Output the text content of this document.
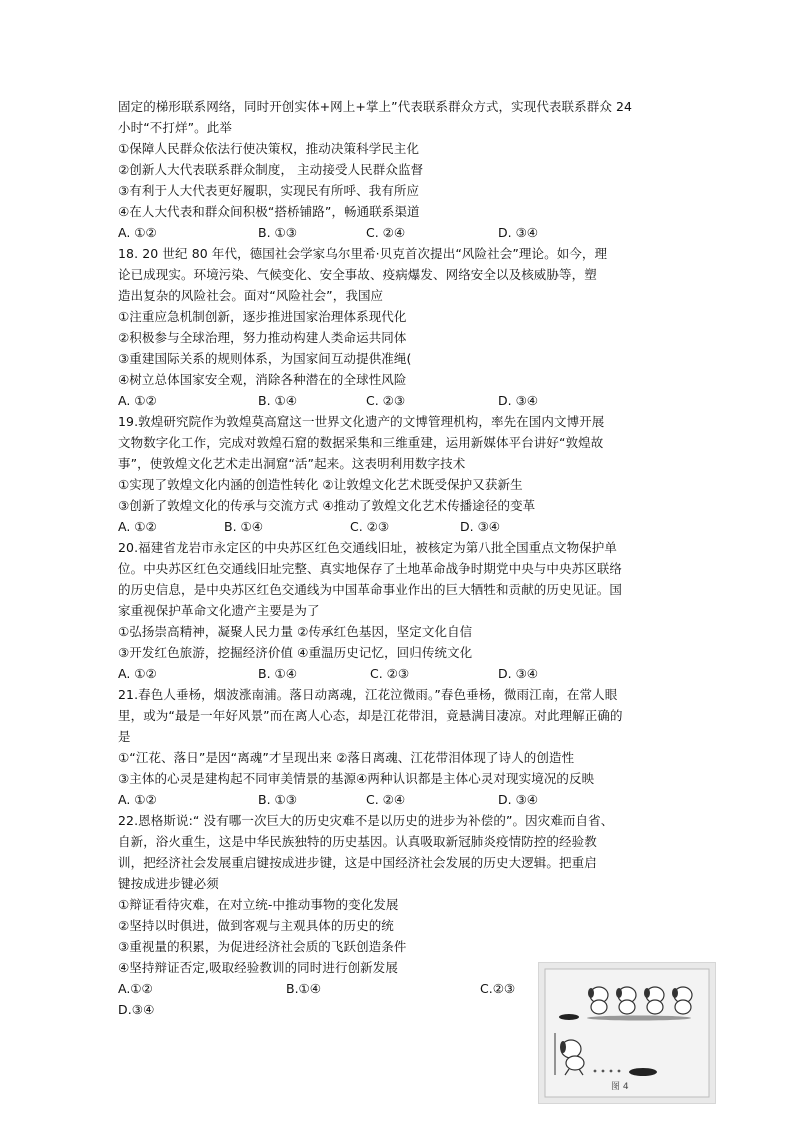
固定的梯形联系网络，同时开创实体+网上+掌上”代表联系群众方式，实现代表联系群众 24
小时“不打烊”。此举
①保障人民群众依法行使决策权，推动决策科学民主化
②创新人大代表联系群众制度， 主动接受人民群众监督
③有利于人大代表更好履职，实现民有所呼、我有所应
④在人大代表和群众间积极“搭桥铺路”，畅通联系渠道
A. ①②	B. ①③	C. ②④	D. ③④
18. 20 世纪 80 年代，德国社会学家乌尔里希·贝克首次提出“风险社会”理论。如今，理
论已成现实。环境污染、气候变化、安全事故、疫病爆发、网络安全以及核威胁等，塑
造出复杂的风险社会。面对“风险社会”，我国应
①注重应急机制创新，逐步推进国家治理体系现代化
②积极参与全球治理，努力推动构建人类命运共同体
③重建国际关系的规则体系，为国家间互动提供准绳(
④树立总体国家安全观，消除各种潜在的全球性风险
A. ①②	B. ①④	C. ②③	D. ③④
19.敦煌研究院作为敦煌莫高窟这一世界文化遗产的文博管理机构，率先在国内文博开展
文物数字化工作，完成对敦煌石窟的数据采集和三维重建，运用新媒体平台讲好“敦煌故
事”，使敦煌文化艺术走出洞窟“活”起来。这表明利用数字技术
①实现了敦煌文化内涵的创造性转化 ②让敦煌文化艺术既受保护又获新生
③创新了敦煌文化的传承与交流方式 ④推动了敦煌文化艺术传播途径的变革
A. ①②	B. ①④	C. ②③	D. ③④
20.福建省龙岩市永定区的中央苏区红色交通线旧址，被核定为第八批全国重点文物保护单
位。中央苏区红色交通线旧址完整、真实地保存了土地革命战争时期党中央与中央苏区联络
的历史信息，是中央苏区红色交通线为中国革命事业作出的巨大牺牲和贡献的历史见证。国
家重视保护革命文化遗产主要是为了
①弘扬崇高精神，凝聚人民力量 ②传承红色基因，坚定文化自信
③开发红色旅游，挖掘经济价值 ④重温历史记忆，回归传统文化
A. ①②	B. ①④	C. ②③	D. ③④
21.春色人垂杨，烟波涨南浦。落日动离魂，江花泣微雨。”春色垂杨，微雨江南，在常人眼
里，或为“最是一年好风景”而在离人心态，却是江花带泪，竟悬满目凄凉。对此理解正确的
是
①“江花、落日”是因“离魂”才呈现出来 ②落日离魂、江花带泪体现了诗人的创造性
③主体的心灵是建构起不同审美情景的基源④两种认识都是主体心灵对现实境况的反映
A. ①②	B. ①③	C. ②④	D. ③④
22.恩格斯说:“ 没有哪一次巨大的历史灾难不是以历史的进步为补偿的”。因灾难而自省、
自新，浴火重生，这是中华民族独特的历史基因。认真吸取新冠肺炎疫情防控的经验教
训，把经济社会发展重启键按成进步键，这是中国经济社会发展的历史大逻辑。把重启
键按成进步键必须
①辩证看待灾难，在对立统-中推动事物的变化发展
②坚持以时俱进，做到客观与主观具体的历史的统
③重视量的积累，为促进经济社会质的飞跃创造条件
④坚持辩证否定,吸取经验教训的同时进行创新发展
A.①②	B.①④	C.②③
D.③④
图 4
